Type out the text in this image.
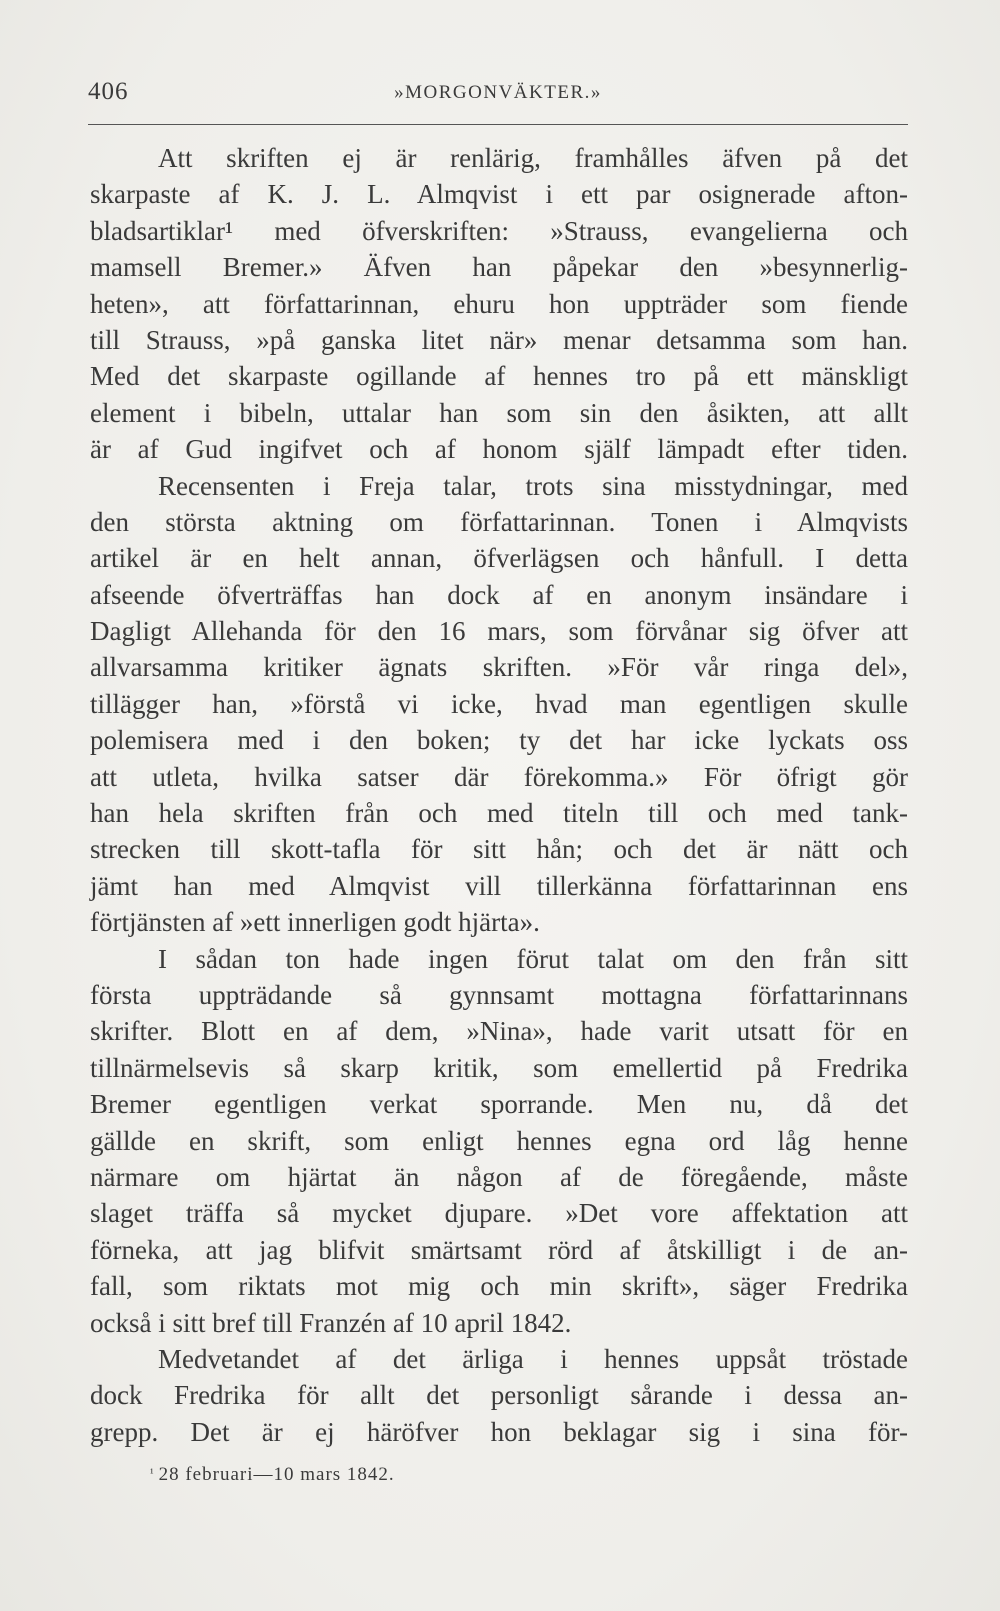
406	»MORGONVÄKTER.»
Att skriften ej är renlärig, framhålles äfven på det
skarpaste af K. J. L. Almqvist i ett par osignerade afton-
bladsartiklar¹ med öfverskriften: »Strauss, evangelierna och
mamsell Bremer.» Äfven han påpekar den »besynnerlig-
heten», att författarinnan, ehuru hon uppträder som fiende
till Strauss, »på ganska litet när» menar detsamma som han.
Med det skarpaste ogillande af hennes tro på ett mänskligt
element i bibeln, uttalar han som sin den åsikten, att allt
är af Gud ingifvet och af honom själf lämpadt efter tiden.
Recensenten i Freja talar, trots sina misstydningar, med
den största aktning om författarinnan. Tonen i Almqvists
artikel är en helt annan, öfverlägsen och hånfull. I detta
afseende öfverträffas han dock af en anonym insändare i
Dagligt Allehanda för den 16 mars, som förvånar sig öfver att
allvarsamma kritiker ägnats skriften. »För vår ringa del»,
tillägger han, »förstå vi icke, hvad man egentligen skulle
polemisera med i den boken; ty det har icke lyckats oss
att utleta, hvilka satser där förekomma.» För öfrigt gör
han hela skriften från och med titeln till och med tank-
strecken till skott-tafla för sitt hån; och det är nätt och
jämt han med Almqvist vill tillerkänna författarinnan ens
förtjänsten af »ett innerligen godt hjärta».
I sådan ton hade ingen förut talat om den från sitt
första uppträdande så gynnsamt mottagna författarinnans
skrifter. Blott en af dem, »Nina», hade varit utsatt för en
tillnärmelsevis så skarp kritik, som emellertid på Fredrika
Bremer egentligen verkat sporrande. Men nu, då det
gällde en skrift, som enligt hennes egna ord låg henne
närmare om hjärtat än någon af de föregående, måste
slaget träffa så mycket djupare. »Det vore affektation att
förneka, att jag blifvit smärtsamt rörd af åtskilligt i de an-
fall, som riktats mot mig och min skrift», säger Fredrika
också i sitt bref till Franzén af 10 april 1842.
Medvetandet af det ärliga i hennes uppsåt tröstade
dock Fredrika för allt det personligt sårande i dessa an-
grepp. Det är ej häröfver hon beklagar sig i sina för-
$^{^1}$ 28 februari—10 mars 1842.
